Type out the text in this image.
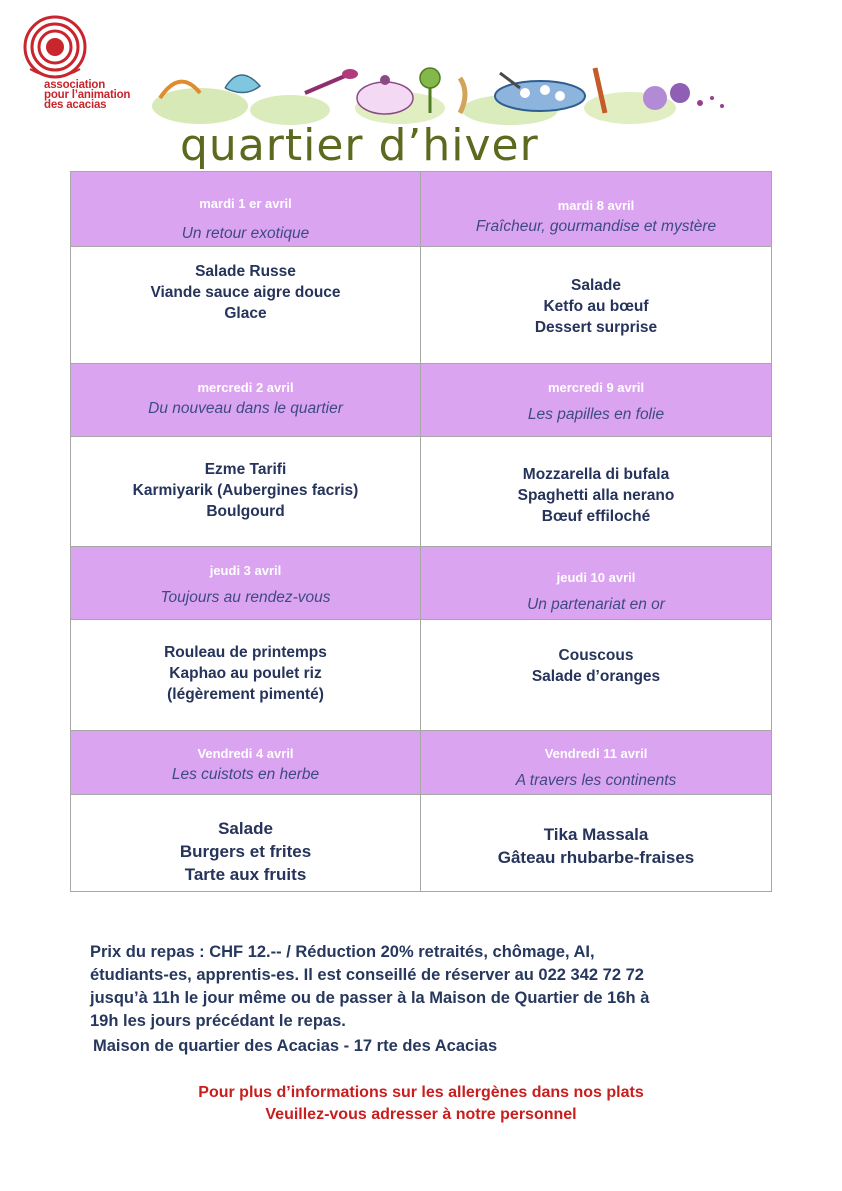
association
pour l’animation
des acacias
quartier d’hiver
mardi 1 er avril
Un retour exotique
mardi 8 avril
Fraîcheur, gourmandise et mystère
Salade Russe
Viande sauce aigre douce
Glace
Salade
Ketfo au bœuf
Dessert surprise
mercredi 2 avril
Du nouveau dans le quartier
mercredi 9 avril
Les papilles en folie
Ezme Tarifi
Karmiyarik (Aubergines facris)
Boulgourd
Mozzarella di bufala
Spaghetti alla nerano
Bœuf effiloché
jeudi 3 avril
Toujours au rendez-vous
jeudi 10 avril
Un partenariat en or
Rouleau de printemps
Kaphao au poulet riz
(légèrement pimenté)
Couscous
Salade d’oranges
Vendredi 4 avril
Les cuistots en herbe
Vendredi 11 avril
A travers les continents
Salade
Burgers et frites
Tarte aux fruits
Tika Massala
Gâteau rhubarbe-fraises
Prix du repas : CHF 12.-- / Réduction 20% retraités, chômage, AI,
étudiants-es, apprentis-es. Il est conseillé de réserver au 022 342 72 72
jusqu’à 11h le jour même ou de passer à la Maison de Quartier de 16h à
19h les jours précédant le repas.
Maison de quartier des Acacias - 17 rte des Acacias
Pour plus d’informations sur les allergènes dans nos plats
Veuillez-vous adresser à notre personnel
